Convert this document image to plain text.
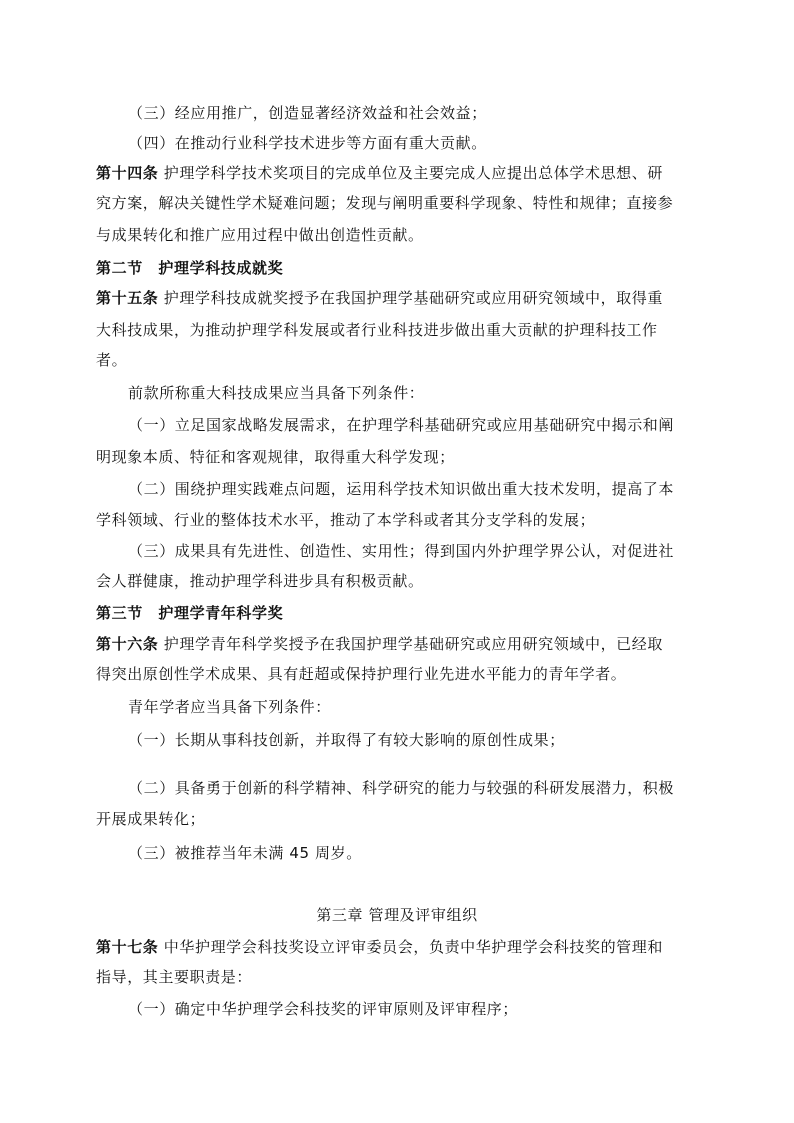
（三）经应用推广，创造显著经济效益和社会效益；
（四）在推动行业科学技术进步等方面有重大贡献。
第十四条 护理学科学技术奖项目的完成单位及主要完成人应提出总体学术思想、研
究方案，解决关键性学术疑难问题；发现与阐明重要科学现象、特性和规律；直接参
与成果转化和推广应用过程中做出创造性贡献。
第二节　护理学科技成就奖
第十五条 护理学科技成就奖授予在我国护理学基础研究或应用研究领域中，取得重
大科技成果，为推动护理学科发展或者行业科技进步做出重大贡献的护理科技工作
者。
前款所称重大科技成果应当具备下列条件：
（一）立足国家战略发展需求，在护理学科基础研究或应用基础研究中揭示和阐
明现象本质、特征和客观规律，取得重大科学发现；
（二）围绕护理实践难点问题，运用科学技术知识做出重大技术发明，提高了本
学科领域、行业的整体技术水平，推动了本学科或者其分支学科的发展；
（三）成果具有先进性、创造性、实用性；得到国内外护理学界公认，对促进社
会人群健康，推动护理学科进步具有积极贡献。
第三节　护理学青年科学奖
第十六条 护理学青年科学奖授予在我国护理学基础研究或应用研究领域中，已经取
得突出原创性学术成果、具有赶超或保持护理行业先进水平能力的青年学者。
青年学者应当具备下列条件：
（一）长期从事科技创新，并取得了有较大影响的原创性成果；
（二）具备勇于创新的科学精神、科学研究的能力与较强的科研发展潜力，积极
开展成果转化；
（三）被推荐当年未满 45 周岁。
第三章 管理及评审组织
第十七条 中华护理学会科技奖设立评审委员会，负责中华护理学会科技奖的管理和
指导，其主要职责是：
（一）确定中华护理学会科技奖的评审原则及评审程序；
